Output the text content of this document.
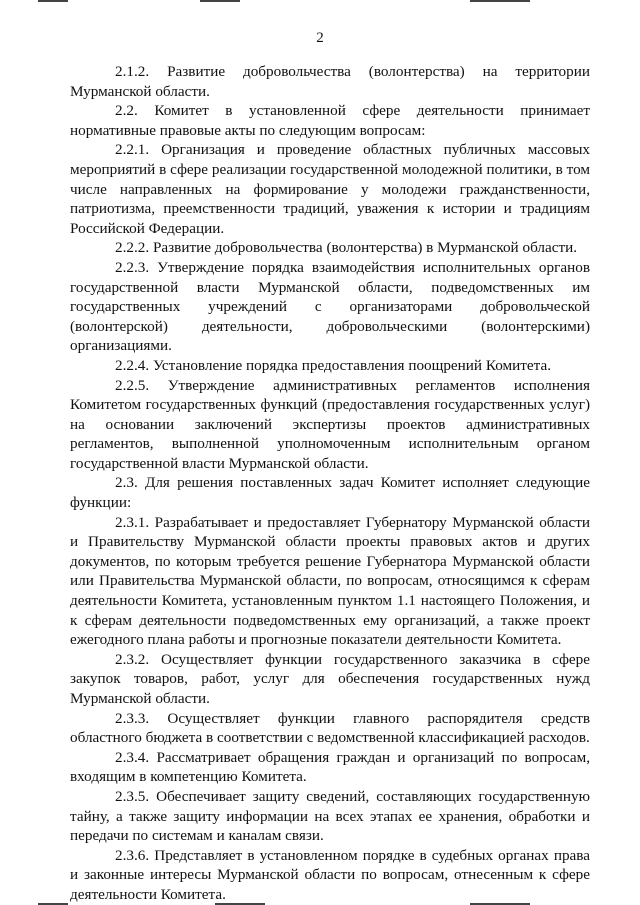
2

2.1.2. Развитие добровольчества (волонтерства) на территории Мурманской области.

2.2. Комитет в установленной сфере деятельности принимает нормативные правовые акты по следующим вопросам:

2.2.1. Организация и проведение областных публичных массовых мероприятий в сфере реализации государственной молодежной политики, в том числе направленных на формирование у молодежи гражданственности, патриотизма, преемственности традиций, уважения к истории и традициям Российской Федерации.

2.2.2. Развитие добровольчества (волонтерства) в Мурманской области.

2.2.3. Утверждение порядка взаимодействия исполнительных органов государственной власти Мурманской области, подведомственных им государственных учреждений с организаторами добровольческой (волонтерской) деятельности, добровольческими (волонтерскими) организациями.

2.2.4. Установление порядка предоставления поощрений Комитета.

2.2.5. Утверждение административных регламентов исполнения Комитетом государственных функций (предоставления государственных услуг) на основании заключений экспертизы проектов административных регламентов, выполненной уполномоченным исполнительным органом государственной власти Мурманской области.

2.3. Для решения поставленных задач Комитет исполняет следующие функции:

2.3.1. Разрабатывает и предоставляет Губернатору Мурманской области и Правительству Мурманской области проекты правовых актов и других документов, по которым требуется решение Губернатора Мурманской области или Правительства Мурманской области, по вопросам, относящимся к сферам деятельности Комитета, установленным пунктом 1.1 настоящего Положения, и к сферам деятельности подведомственных ему организаций, а также проект ежегодного плана работы и прогнозные показатели деятельности Комитета.

2.3.2. Осуществляет функции государственного заказчика в сфере закупок товаров, работ, услуг для обеспечения государственных нужд Мурманской области.

2.3.3. Осуществляет функции главного распорядителя средств областного бюджета в соответствии с ведомственной классификацией расходов.

2.3.4. Рассматривает обращения граждан и организаций по вопросам, входящим в компетенцию Комитета.

2.3.5. Обеспечивает защиту сведений, составляющих государственную тайну, а также защиту информации на всех этапах ее хранения, обработки и передачи по системам и каналам связи.

2.3.6. Представляет в установленном порядке в судебных органах права и законные интересы Мурманской области по вопросам, отнесенным к сфере деятельности Комитета.
